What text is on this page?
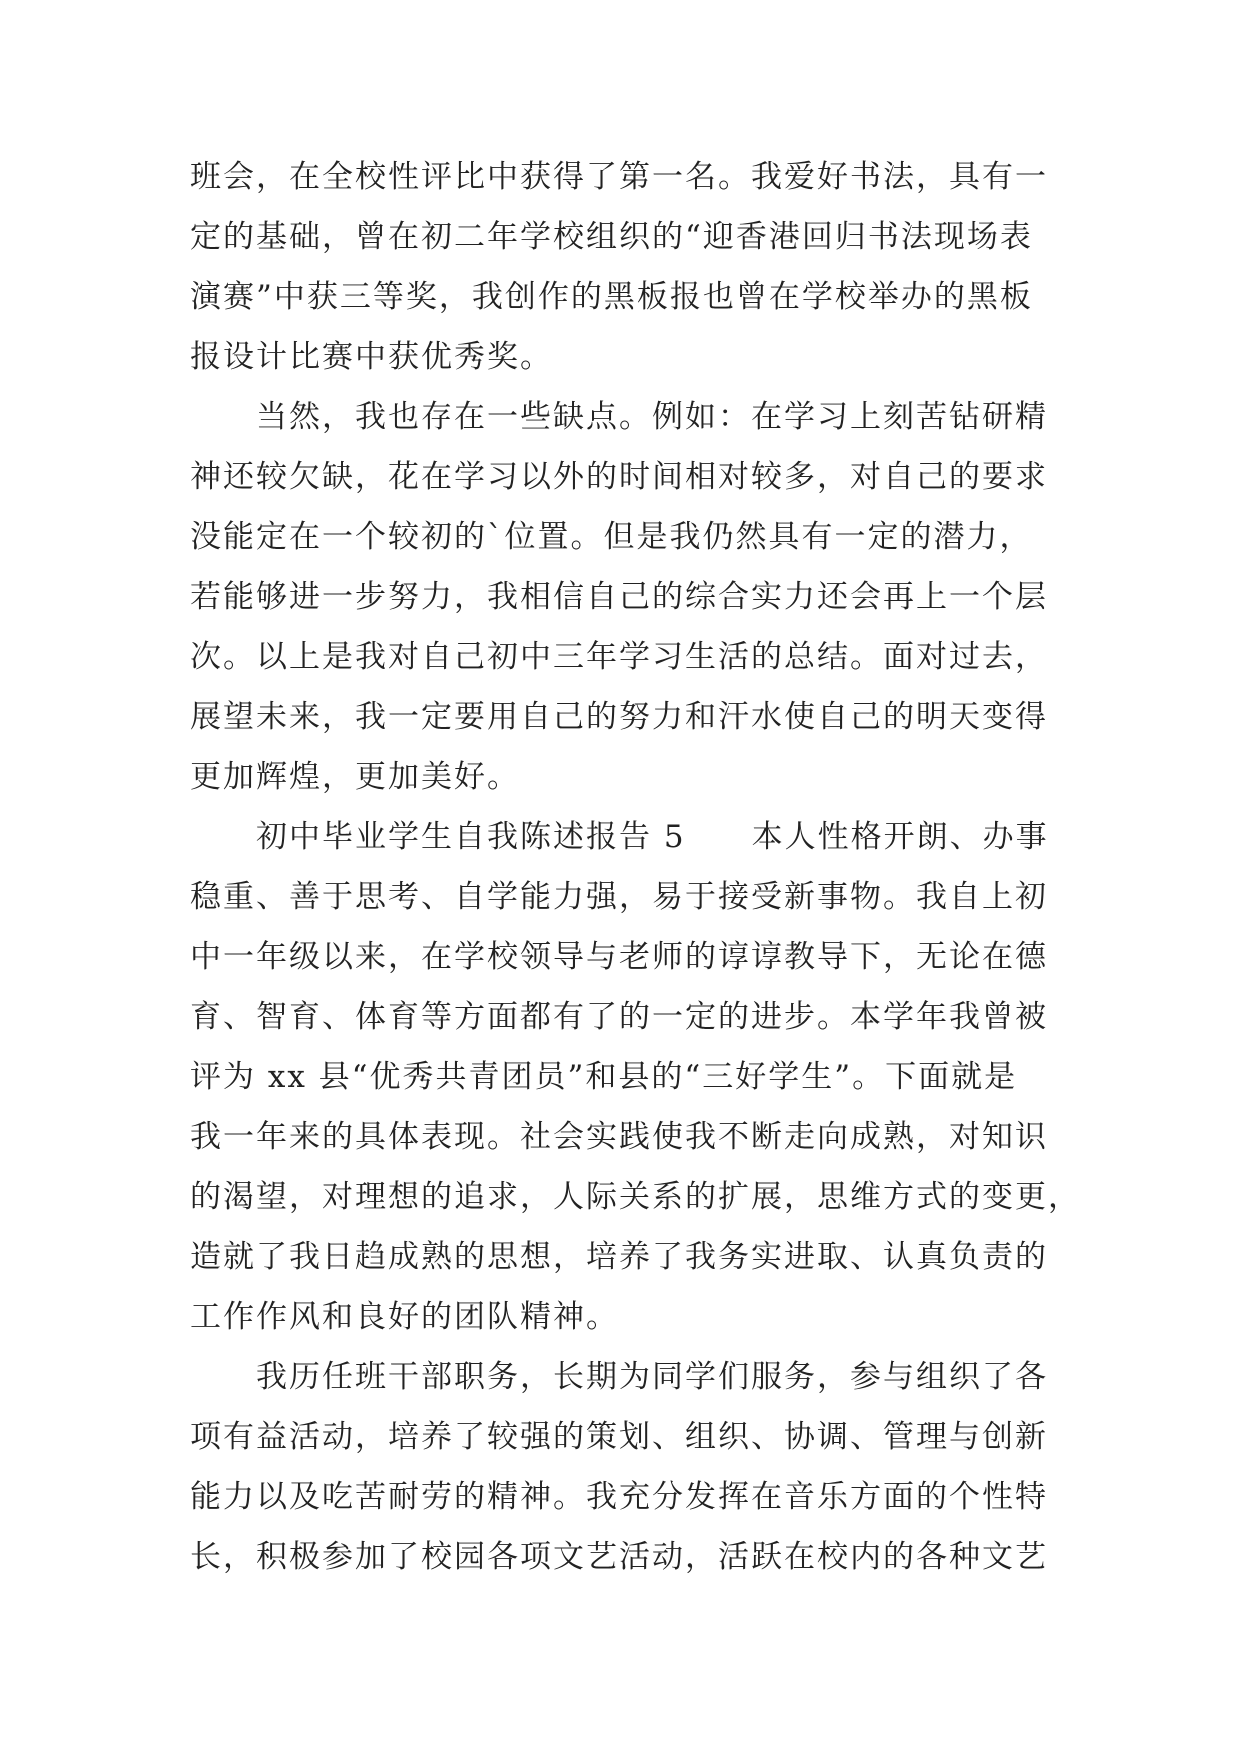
班会，在全校性评比中获得了第一名。我爱好书法，具有一
定的基础，曾在初二年学校组织的“迎香港回归书法现场表
演赛”中获三等奖，我创作的黑板报也曾在学校举办的黑板
报设计比赛中获优秀奖。
　　当然，我也存在一些缺点。例如：在学习上刻苦钻研精
神还较欠缺，花在学习以外的时间相对较多，对自己的要求
没能定在一个较初的`位置。但是我仍然具有一定的潜力，
若能够进一步努力，我相信自己的综合实力还会再上一个层
次。以上是我对自己初中三年学习生活的总结。面对过去，
展望未来，我一定要用自己的努力和汗水使自己的明天变得
更加辉煌，更加美好。
　　初中毕业学生自我陈述报告 5　　本人性格开朗、办事
稳重、善于思考、自学能力强，易于接受新事物。我自上初
中一年级以来，在学校领导与老师的谆谆教导下，无论在德
育、智育、体育等方面都有了的一定的进步。本学年我曾被
评为 xx 县“优秀共青团员”和县的“三好学生”。下面就是
我一年来的具体表现。社会实践使我不断走向成熟，对知识
的渴望，对理想的追求，人际关系的扩展，思维方式的变更，
造就了我日趋成熟的思想，培养了我务实进取、认真负责的
工作作风和良好的团队精神。
　　我历任班干部职务，长期为同学们服务，参与组织了各
项有益活动，培养了较强的策划、组织、协调、管理与创新
能力以及吃苦耐劳的精神。我充分发挥在音乐方面的个性特
长，积极参加了校园各项文艺活动，活跃在校内的各种文艺
